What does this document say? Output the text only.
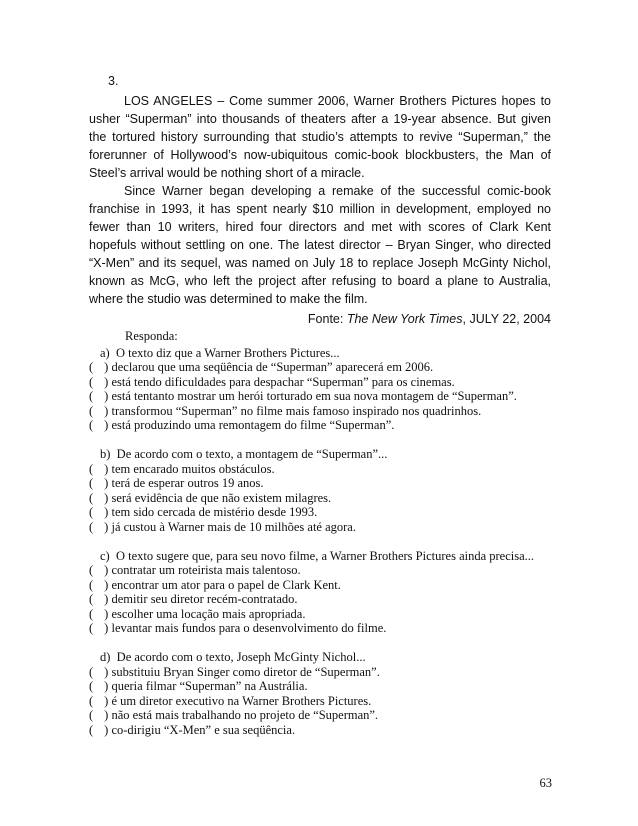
3.

LOS ANGELES – Come summer 2006, Warner Brothers Pictures hopes to usher “Superman” into thousands of theaters after a 19-year absence. But given the tortured history surrounding that studio’s attempts to revive “Superman,” the forerunner of Hollywood’s now-ubiquitous comic-book blockbusters, the Man of Steel’s arrival would be nothing short of a miracle.

Since Warner began developing a remake of the successful comic-book franchise in 1993, it has spent nearly $10 million in development, employed no fewer than 10 writers, hired four directors and met with scores of Clark Kent hopefuls without settling on one. The latest director – Bryan Singer, who directed “X-Men” and its sequel, was named on July 18 to replace Joseph McGinty Nichol, known as McG, who left the project after refusing to board a plane to Australia, where the studio was determined to make the film.

Fonte: The New York Times, JULY 22, 2004
Responda:
a)  O texto diz que a Warner Brothers Pictures...
( ) declarou que uma seqüência de “Superman” aparecerá em 2006.
( ) está tendo dificuldades para despachar “Superman” para os cinemas.
( ) está tentanto mostrar um herói torturado em sua nova montagem de “Superman”.
( ) transformou “Superman” no filme mais famoso inspirado nos quadrinhos.
( ) está produzindo uma remontagem do filme “Superman”.
b)  De acordo com o texto, a montagem de “Superman”...
( ) tem encarado muitos obstáculos.
( ) terá de esperar outros 19 anos.
( ) será evidência de que não existem milagres.
( ) tem sido cercada de mistério desde 1993.
( ) já custou à Warner mais de 10 milhões até agora.
c)  O texto sugere que, para seu novo filme, a Warner Brothers Pictures ainda precisa...
( ) contratar um roteirista mais talentoso.
( ) encontrar um ator para o papel de Clark Kent.
( ) demitir seu diretor recém-contratado.
( ) escolher uma locação mais apropriada.
( ) levantar mais fundos para o desenvolvimento do filme.
d)  De acordo com o texto, Joseph McGinty Nichol...
( ) substituiu Bryan Singer como diretor de “Superman”.
( ) queria filmar “Superman” na Austrália.
( ) é um diretor executivo na Warner Brothers Pictures.
( ) não está mais trabalhando no projeto de “Superman”.
( ) co-dirigiu “X-Men” e sua seqüência.
63
